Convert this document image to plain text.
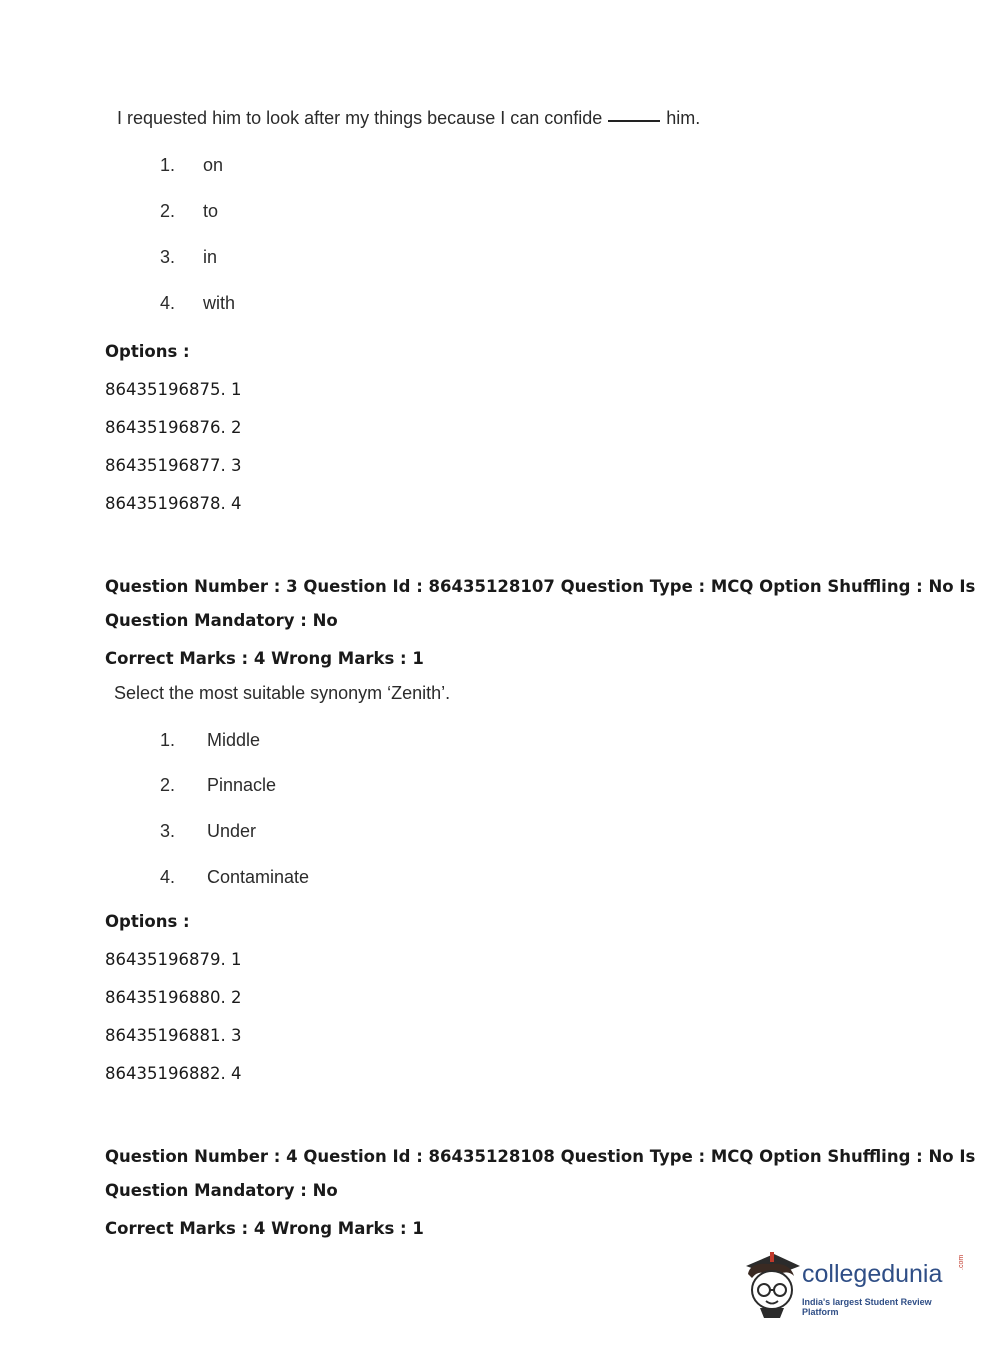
I requested him to look after my things because I can confide	him.
1. on
2. to
3. in
4. with
Options :
86435196875. 1
86435196876. 2
86435196877. 3
86435196878. 4
Question Number : 3 Question Id : 86435128107 Question Type : MCQ Option Shuffling : No Is
Question Mandatory : No
Correct Marks : 4 Wrong Marks : 1
Select the most suitable synonym ‘Zenith’.
1. Middle
2. Pinnacle
3. Under
4. Contaminate
Options :
86435196879. 1
86435196880. 2
86435196881. 3
86435196882. 4
Question Number : 4 Question Id : 86435128108 Question Type : MCQ Option Shuffling : No Is
Question Mandatory : No
Correct Marks : 4 Wrong Marks : 1
collegedunia .com
India's largest Student Review Platform
